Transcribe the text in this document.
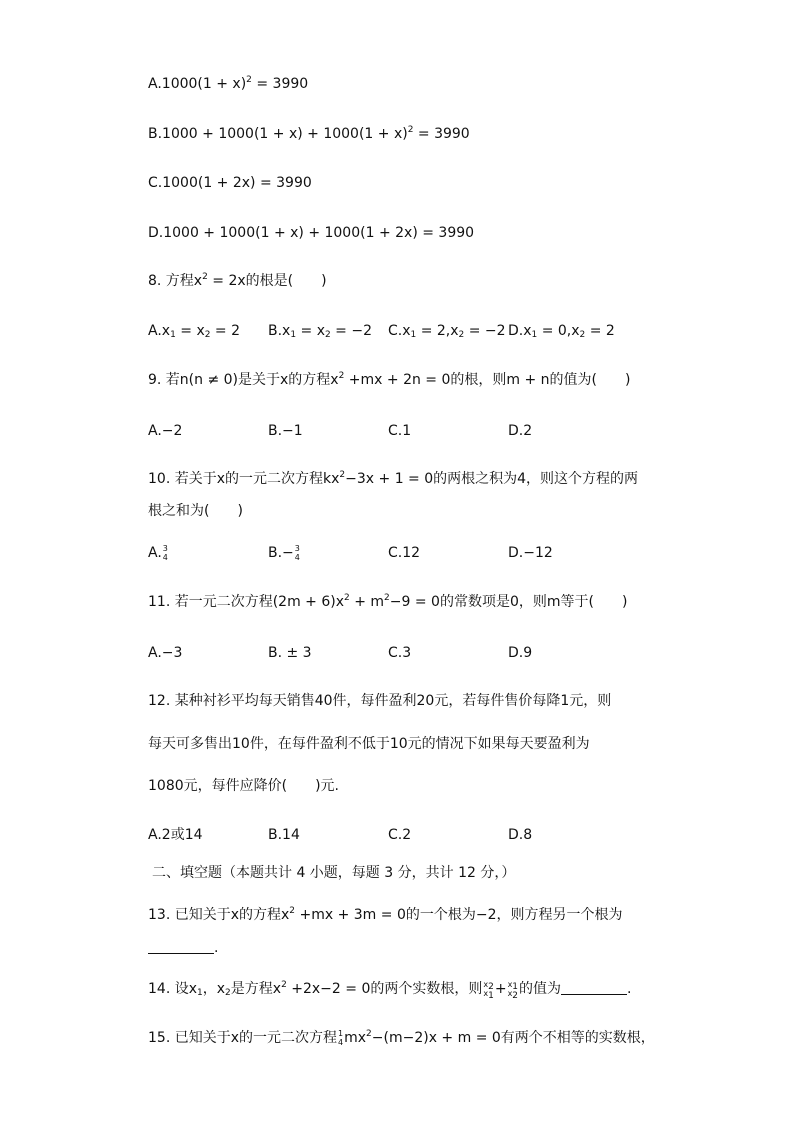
$A.1000(1 + x)^2 = 3990$
$B.1000 + 1000(1 + x) + 1000(1 + x)^2 = 3990$
C.1000(1 + 2x) = 3990
D.1000 + 1000(1 + x) + 1000(1 + 2x) = 3990
8. 方程$x^2 = 2x$的根是(　　)
$A.x_1 = x_2 = 2$ $B.x_1 = x_2 = -2$ $C.x_1 = 2,x_2 = -2$ $D.x_1 = 0,x_2 = 2$
9. 若n(n ≠ 0)是关于x的方程$x^2 +mx + 2n = 0$的根，则m + n的值为(　　)
A.−2	B.−1	C.1	D.2
10. 若关于x的一元二次方程$kx^2-3x + 1 = 0$的两根之积为4，则这个方程的两
根之和为(　　)
A. 3
4	B.− 3
4	C.12	D.−12
11. 若一元二次方程$(2m + 6)x^2 + m^2-9 = 0$的常数项是0，则m等于(　　)
A.−3	B. ± 3	C.3	D.9
12. 某种衬衫平均每天销售40件，每件盈利20元，若每件售价每降1元，则
每天可多售出10件，在每件盈利不低于10元的情况下如果每天要盈利为
1080元，每件应降价(　　)元.
A.2或14	B.14	C.2	D.8
二、填空题（本题共计 4 小题，每题 3 分，共计 12 分，）
13. 已知关于x的方程$x^2 +mx + 3m = 0$的一个根为−2，则方程另一个根为
.
14. 设$x_1$，$x_2$是方程$x^2 +2x-2 = 0$的两个实数根，则 $x_2$
$x_1 + x_1$
$x_2$ 的值为	.
15. 已知关于x的一元二次方程 1
4 $mx^2-(m-2)x + m = 0$有两个不相等的实数根，
